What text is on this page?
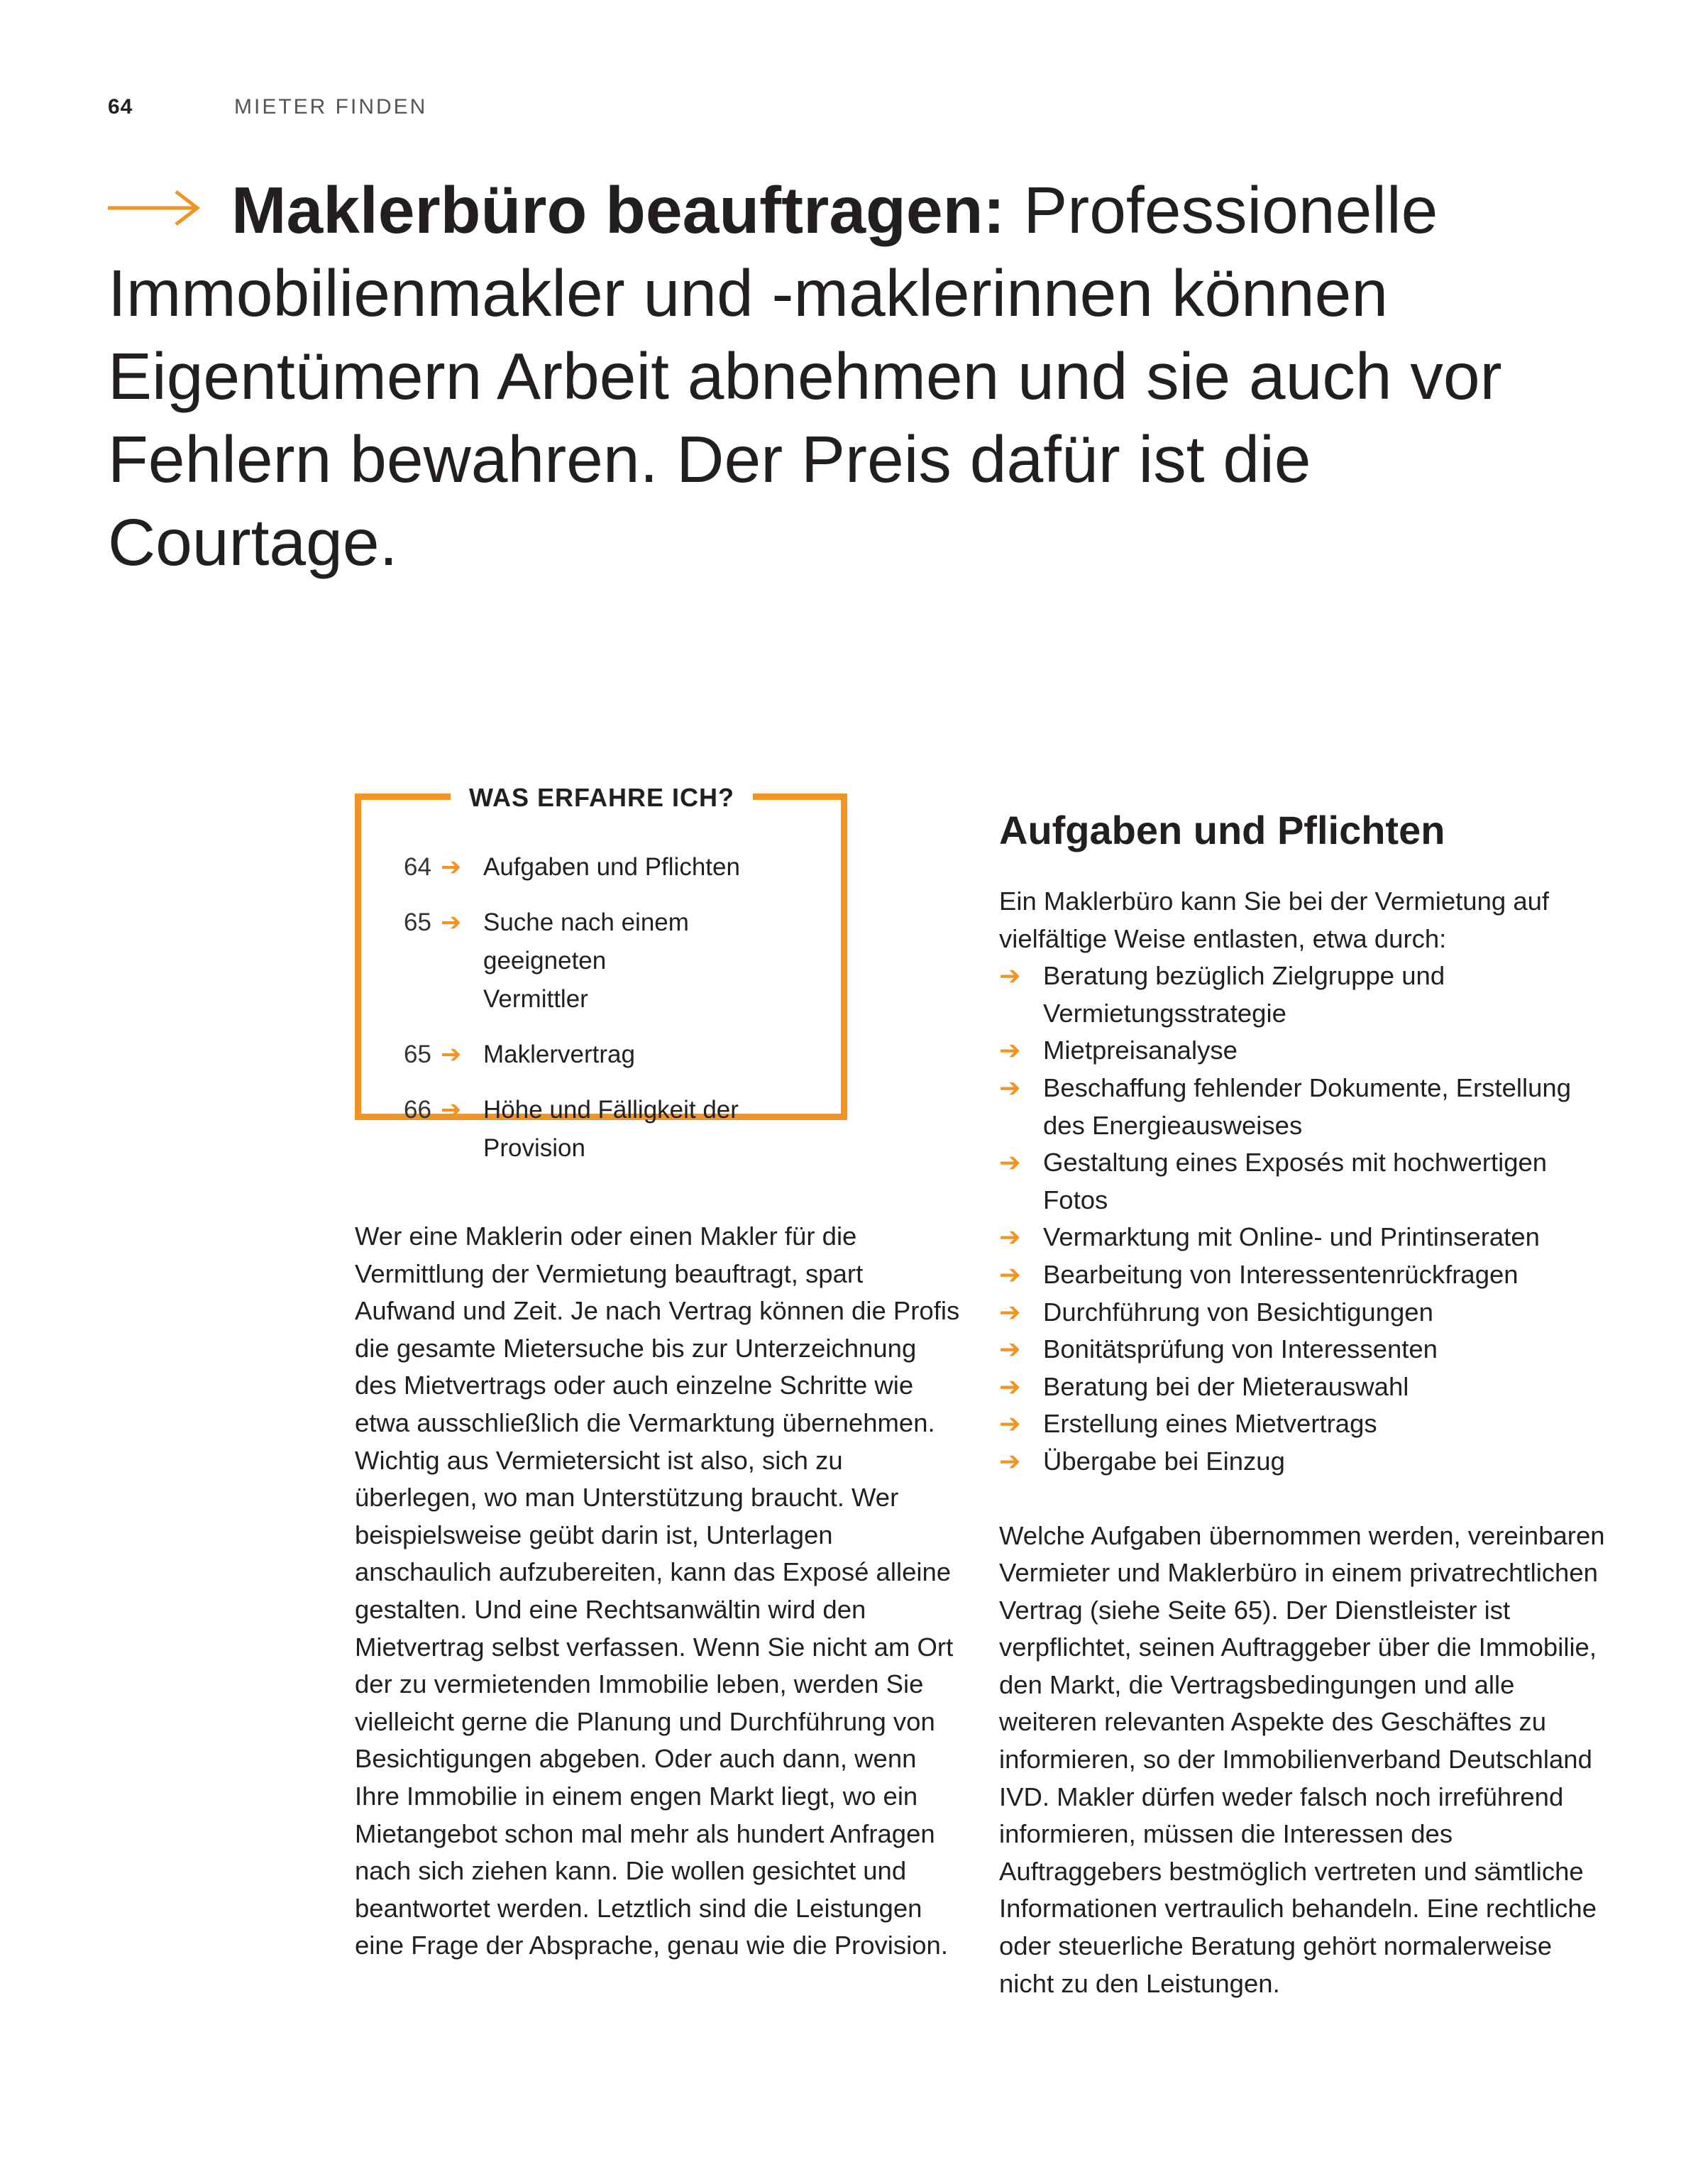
64	MIETER FINDEN
Maklerbüro beauftragen: Professionelle Immobilienmakler und -maklerinnen können Eigentümern Arbeit abnehmen und sie auch vor Fehlern bewahren. Der Preis dafür ist die Courtage.
WAS ERFAHRE ICH?
64 ➔ Aufgaben und Pflichten
65 ➔ Suche nach einem geeigneten Vermittler
65 ➔ Maklervertrag
66 ➔ Höhe und Fälligkeit der Provision

Wer eine Maklerin oder einen Makler für die Vermittlung der Vermietung beauftragt, spart Aufwand und Zeit. Je nach Vertrag können die Profis die gesamte Mietersuche bis zur Unterzeichnung des Mietvertrags oder auch einzelne Schritte wie etwa ausschließlich die Vermarktung übernehmen. Wichtig aus Vermietersicht ist also, sich zu überlegen, wo man Unterstützung braucht. Wer beispielsweise geübt darin ist, Unterlagen anschaulich aufzubereiten, kann das Exposé alleine gestalten. Und eine Rechtsanwältin wird den Mietvertrag selbst verfassen. Wenn Sie nicht am Ort der zu vermietenden Immobilie leben, werden Sie vielleicht gerne die Planung und Durchführung von Besichtigungen abgeben. Oder auch dann, wenn Ihre Immobilie in einem engen Markt liegt, wo ein Mietangebot schon mal mehr als hundert Anfragen nach sich ziehen kann. Die wollen gesichtet und beantwortet werden. Letztlich sind die Leistungen eine Frage der Absprache, genau wie die Provision.

Aufgaben und Pflichten

Ein Maklerbüro kann Sie bei der Vermietung auf vielfältige Weise entlasten, etwa durch:

➔ Beratung bezüglich Zielgruppe und Vermietungsstrategie
➔ Mietpreisanalyse
➔ Beschaffung fehlender Dokumente, Erstellung des Energieausweises
➔ Gestaltung eines Exposés mit hochwertigen Fotos
➔ Vermarktung mit Online- und Printinseraten
➔ Bearbeitung von Interessentenrückfragen
➔ Durchführung von Besichtigungen
➔ Bonitätsprüfung von Interessenten
➔ Beratung bei der Mieterauswahl
➔ Erstellung eines Mietvertrags
➔ Übergabe bei Einzug

Welche Aufgaben übernommen werden, vereinbaren Vermieter und Maklerbüro in einem privatrechtlichen Vertrag (siehe Seite 65). Der Dienstleister ist verpflichtet, seinen Auftraggeber über die Immobilie, den Markt, die Vertragsbedingungen und alle weiteren relevanten Aspekte des Geschäftes zu informieren, so der Immobilienverband Deutschland IVD. Makler dürfen weder falsch noch irreführend informieren, müssen die Interessen des Auftraggebers bestmöglich vertreten und sämtliche Informationen vertraulich behandeln. Eine rechtliche oder steuerliche Beratung gehört normalerweise nicht zu den Leistungen.
